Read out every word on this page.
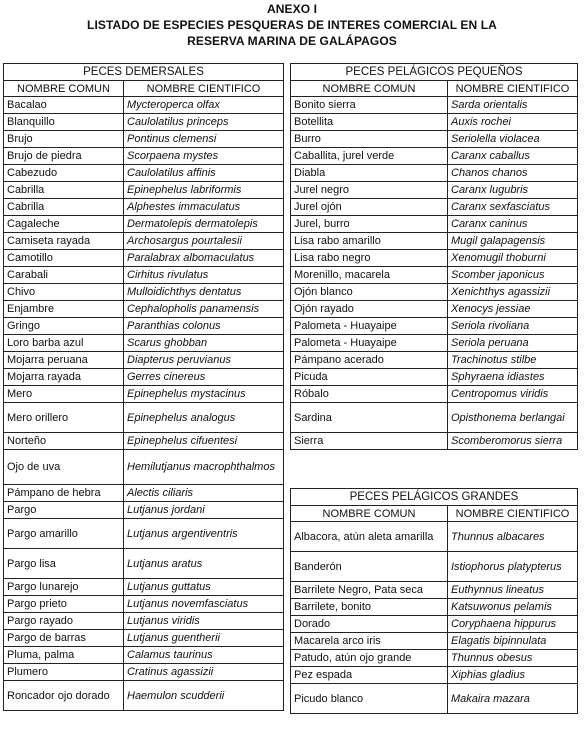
ANEXO I
LISTADO DE ESPECIES PESQUERAS DE INTERES COMERCIAL EN LA
RESERVA MARINA DE GALÁPAGOS
PECES DEMERSALES	
NOMBRE COMUN	NOMBRE CIENTIFICO
Bacalao	Mycteroperca olfax
Blanquillo	Caulolatilus princeps
Brujo	Pontinus clemensi
Brujo de piedra	Scorpaena mystes
Cabezudo	Caulolatilus affinis
Cabrilla	Epinephelus labriformis
Cabrilla	Alphestes immaculatus
Cagaleche	Dermatolepis dermatolepis
Camiseta rayada	Archosargus pourtalesii
Camotillo	Paralabrax albomaculatus
Carabali	Cirhitus rivulatus
Chivo	Mulloidichthys dentatus
Enjambre	Cephalopholis panamensis
Gringo	Paranthias colonus
Loro barba azul	Scarus ghobban
Mojarra peruana	Diapterus peruvianus
Mojarra rayada	Gerres cinereus
Mero	Epinephelus mystacinus
Mero orillero	Epinephelus analogus
Norteño	Epinephelus cifuentesi
Ojo de uva	Hemilutjanus macrophthalmos
Pámpano de hebra	Alectis ciliaris
Pargo	Lutjanus jordani
Pargo amarillo	Lutjanus argentiventris
Pargo lisa	Lutjanus aratus
Pargo lunarejo	Lutjanus guttatus
Pargo prieto	Lutjanus novemfasciatus
Pargo rayado	Lutjanus viridis
Pargo de barras	Lutjanus guentherii
Pluma, palma	Calamus taurinus
Plumero	Cratinus agassizii
Roncador ojo dorado	Haemulon scudderii
PECES PELÁGICOS PEQUEÑOS	
NOMBRE COMUN	NOMBRE CIENTIFICO
Bonito sierra	Sarda orientalis
Botellita	Auxis rochei
Burro	Seriolella violacea
Caballita, jurel verde	Caranx caballus
Diabla	Chanos chanos
Jurel negro	Caranx lugubris
Jurel ojón	Caranx sexfasciatus
Jurel, burro	Caranx caninus
Lisa rabo amarillo	Mugil galapagensis
Lisa rabo negro	Xenomugil thoburni
Morenillo, macarela	Scomber japonicus
Ojón blanco	Xenichthys agassizii
Ojón rayado	Xenocys jessiae
Palometa - Huayaipe	Seriola rivoliana
Palometa - Huayaipe	Seriola peruana
Pámpano acerado	Trachinotus stilbe
Picuda	Sphyraena idiastes
Róbalo	Centropomus viridis
Sardina	Opisthonema berlangai
Sierra	Scomberomorus sierra
PECES PELÁGICOS GRANDES	
NOMBRE COMUN	NOMBRE CIENTIFICO
Albacora, atún aleta amarilla	Thunnus albacares
Banderón	Istiophorus platypterus
Barrilete Negro, Pata seca	Euthynnus lineatus
Barrilete, bonito	Katsuwonus pelamis
Dorado	Coryphaena hippurus
Macarela arco iris	Elagatis bipinnulata
Patudo, atún ojo grande	Thunnus obesus
Pez espada	Xiphias gladius
Picudo blanco	Makaira mazara
